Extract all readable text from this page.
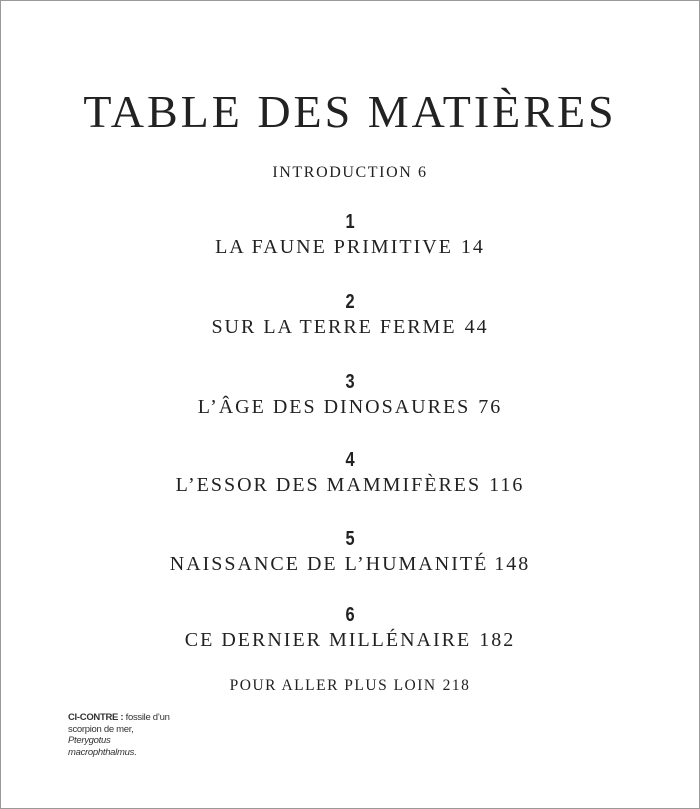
TABLE DES MATIÈRES
INTRODUCTION 6
1
LA FAUNE PRIMITIVE 14
2
SUR LA TERRE FERME 44
3
L’ÂGE DES DINOSAURES 76
4
L’ESSOR DES MAMMIFÈRES 116
5
NAISSANCE DE L’HUMANITÉ 148
6
CE DERNIER MILLÉNAIRE 182
POUR ALLER PLUS LOIN 218
CI-CONTRE : fossile d’un scorpion de mer, Pterygotus macrophthalmus.
